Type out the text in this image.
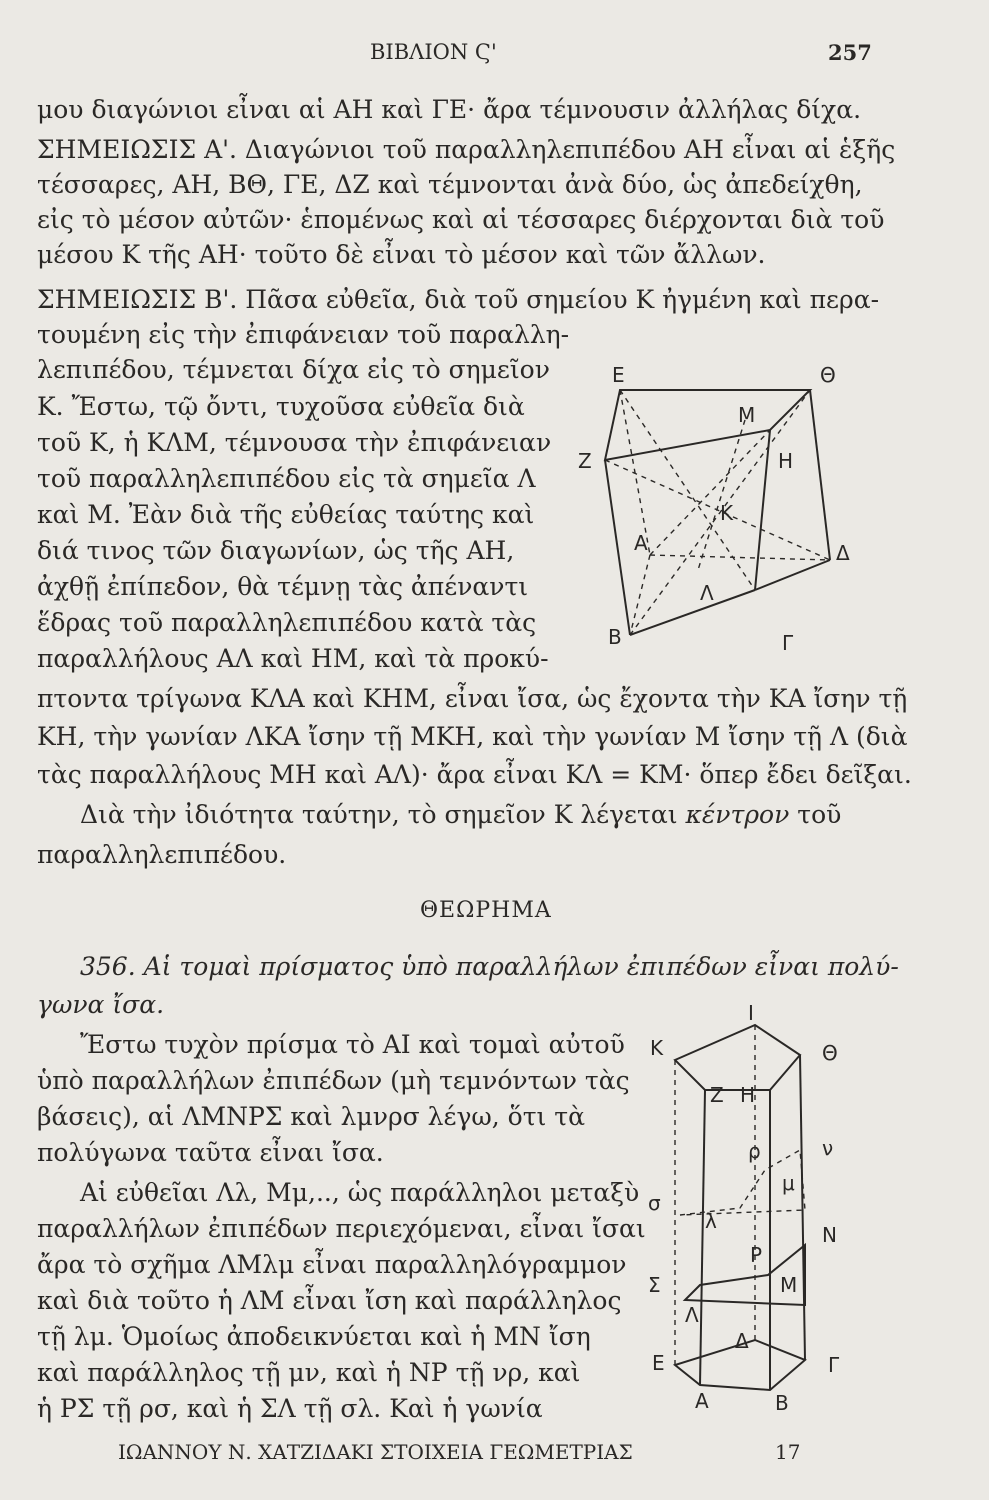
ΒΙΒΛΙΟΝ Ϛ'	257
μου διαγώνιοι εἶναι αἱ ΑΗ καὶ ΓΕ· ἄρα τέμνουσιν ἀλλήλας δίχα.
ΣΗΜΕΙΩΣΙΣ Α'. Διαγώνιοι τοῦ παραλληλεπιπέδου ΑΗ εἶναι αἱ ἑξῆς
τέσσαρες, ΑΗ, ΒΘ, ΓΕ, ΔΖ καὶ τέμνονται ἀνὰ δύο, ὡς ἀπεδείχθη,
εἰς τὸ μέσον αὐτῶν· ἑπομένως καὶ αἱ τέσσαρες διέρχονται διὰ τοῦ
μέσου Κ τῆς ΑΗ· τοῦτο δὲ εἶναι τὸ μέσον καὶ τῶν ἄλλων.
ΣΗΜΕΙΩΣΙΣ Β'. Πᾶσα εὐθεῖα, διὰ τοῦ σημείου Κ ἠγμένη καὶ περα-
τουμένη εἰς τὴν ἐπιφάνειαν τοῦ παραλλη-
λεπιπέδου, τέμνεται δίχα εἰς τὸ σημεῖον
Κ. Ἔστω, τῷ ὄντι, τυχοῦσα εὐθεῖα διὰ
τοῦ Κ, ἡ ΚΛΜ, τέμνουσα τὴν ἐπιφάνειαν
τοῦ παραλληλεπιπέδου εἰς τὰ σημεῖα Λ
καὶ Μ. Ἐὰν διὰ τῆς εὐθείας ταύτης καὶ
διά τινος τῶν διαγωνίων, ὡς τῆς ΑΗ,
ἀχθῇ ἐπίπεδον, θὰ τέμνῃ τὰς ἀπέναντι
ἕδρας τοῦ παραλληλεπιπέδου κατὰ τὰς
παραλλήλους ΑΛ καὶ ΗΜ, καὶ τὰ προκύ-
πτοντα τρίγωνα ΚΛΑ καὶ ΚΗΜ, εἶναι ἴσα, ὡς ἔχοντα τὴν ΚΑ ἴσην τῇ
ΚΗ, τὴν γωνίαν ΛΚΑ ἴσην τῇ ΜΚΗ, καὶ τὴν γωνίαν Μ ἴσην τῇ Λ (διὰ
τὰς παραλλήλους ΜΗ καὶ ΑΛ)· ἄρα εἶναι ΚΛ = ΚΜ· ὅπερ ἔδει δεῖξαι.
Διὰ τὴν ἰδιότητα ταύτην, τὸ σημεῖον Κ λέγεται κέντρον τοῦ
παραλληλεπιπέδου.
ΘΕΩΡΗΜΑ
356. Αἱ τομαὶ πρίσματος ὑπὸ παραλλήλων ἐπιπέδων εἶναι πολύ-
γωνα ἴσα.
Ἔστω τυχὸν πρίσμα τὸ ΑΙ καὶ τομαὶ αὐτοῦ
ὑπὸ παραλλήλων ἐπιπέδων (μὴ τεμνόντων τὰς
βάσεις), αἱ ΛΜΝΡΣ καὶ λμνρσ λέγω, ὅτι τὰ
πολύγωνα ταῦτα εἶναι ἴσα.
Αἱ εὐθεῖαι Λλ, Μμ,.., ὡς παράλληλοι μεταξὺ
παραλλήλων ἐπιπέδων περιεχόμεναι, εἶναι ἴσαι
ἄρα τὸ σχῆμα ΛΜλμ εἶναι παραλληλόγραμμον
καὶ διὰ τοῦτο ἡ ΛΜ εἶναι ἴση καὶ παράλληλος
τῇ λμ. Ὁμοίως ἀποδεικνύεται καὶ ἡ ΜΝ ἴση
καὶ παράλληλος τῇ μν, καὶ ἡ ΝΡ τῇ νρ, καὶ
ἡ ΡΣ τῇ ρσ, καὶ ἡ ΣΛ τῇ σλ. Καὶ ἡ γωνία
Ε	Θ
Μ
Ζ	Η
Κ
Α	Δ
Λ
Β	Γ
Ι
Κ	Θ
Ζ Η
ν
ρ
μ
σ
λ
Ν
Ρ
Σ	Μ
Λ
Δ
Ε	Γ
Α	Β
ΙΩΑΝΝΟΥ Ν. ΧΑΤΖΙΔΑΚΙ ΣΤΟΙΧΕΙΑ ΓΕΩΜΕΤΡΙΑΣ	17
